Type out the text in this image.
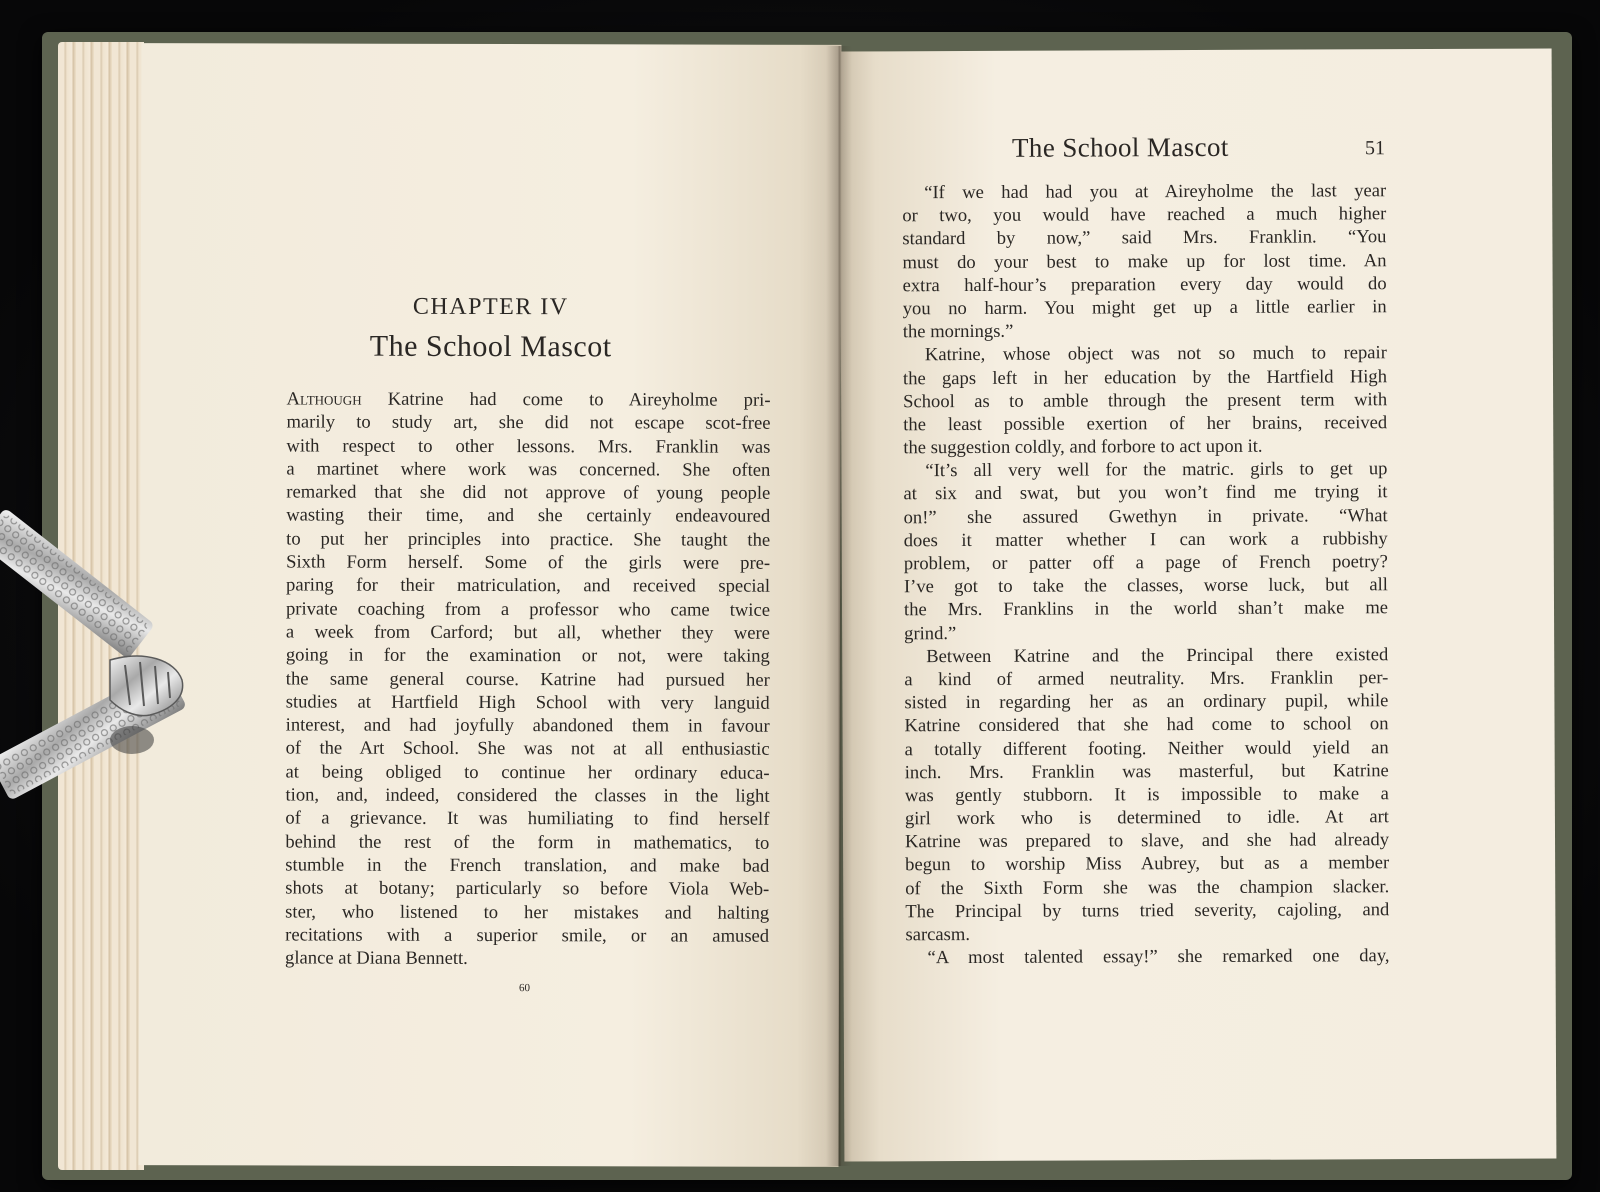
CHAPTER IV
The School Mascot
Although Katrine had come to Aireyholme pri-
marily to study art, she did not escape scot-free
with respect to other lessons. Mrs. Franklin was
a martinet where work was concerned. She often
remarked that she did not approve of young people
wasting their time, and she certainly endeavoured
to put her principles into practice. She taught the
Sixth Form herself. Some of the girls were pre-
paring for their matriculation, and received special
private coaching from a professor who came twice
a week from Carford; but all, whether they were
going in for the examination or not, were taking
the same general course. Katrine had pursued her
studies at Hartfield High School with very languid
interest, and had joyfully abandoned them in favour
of the Art School. She was not at all enthusiastic
at being obliged to continue her ordinary educa-
tion, and, indeed, considered the classes in the light
of a grievance. It was humiliating to find herself
behind the rest of the form in mathematics, to
stumble in the French translation, and make bad
shots at botany; particularly so before Viola Web-
ster, who listened to her mistakes and halting
recitations with a superior smile, or an amused
glance at Diana Bennett.
60
The School Mascot	51
“If we had had you at Aireyholme the last year
or two, you would have reached a much higher
standard by now,” said Mrs. Franklin. “You
must do your best to make up for lost time. An
extra half-hour’s preparation every day would do
you no harm. You might get up a little earlier in
the mornings.”
Katrine, whose object was not so much to repair
the gaps left in her education by the Hartfield High
School as to amble through the present term with
the least possible exertion of her brains, received
the suggestion coldly, and forbore to act upon it.
“It’s all very well for the matric. girls to get up
at six and swat, but you won’t find me trying it
on!” she assured Gwethyn in private. “What
does it matter whether I can work a rubbishy
problem, or patter off a page of French poetry?
I’ve got to take the classes, worse luck, but all
the Mrs. Franklins in the world shan’t make me
grind.”
Between Katrine and the Principal there existed
a kind of armed neutrality. Mrs. Franklin per-
sisted in regarding her as an ordinary pupil, while
Katrine considered that she had come to school on
a totally different footing. Neither would yield an
inch. Mrs. Franklin was masterful, but Katrine
was gently stubborn. It is impossible to make a
girl work who is determined to idle. At art
Katrine was prepared to slave, and she had already
begun to worship Miss Aubrey, but as a member
of the Sixth Form she was the champion slacker.
The Principal by turns tried severity, cajoling, and
sarcasm.
“A most talented essay!” she remarked one day,
